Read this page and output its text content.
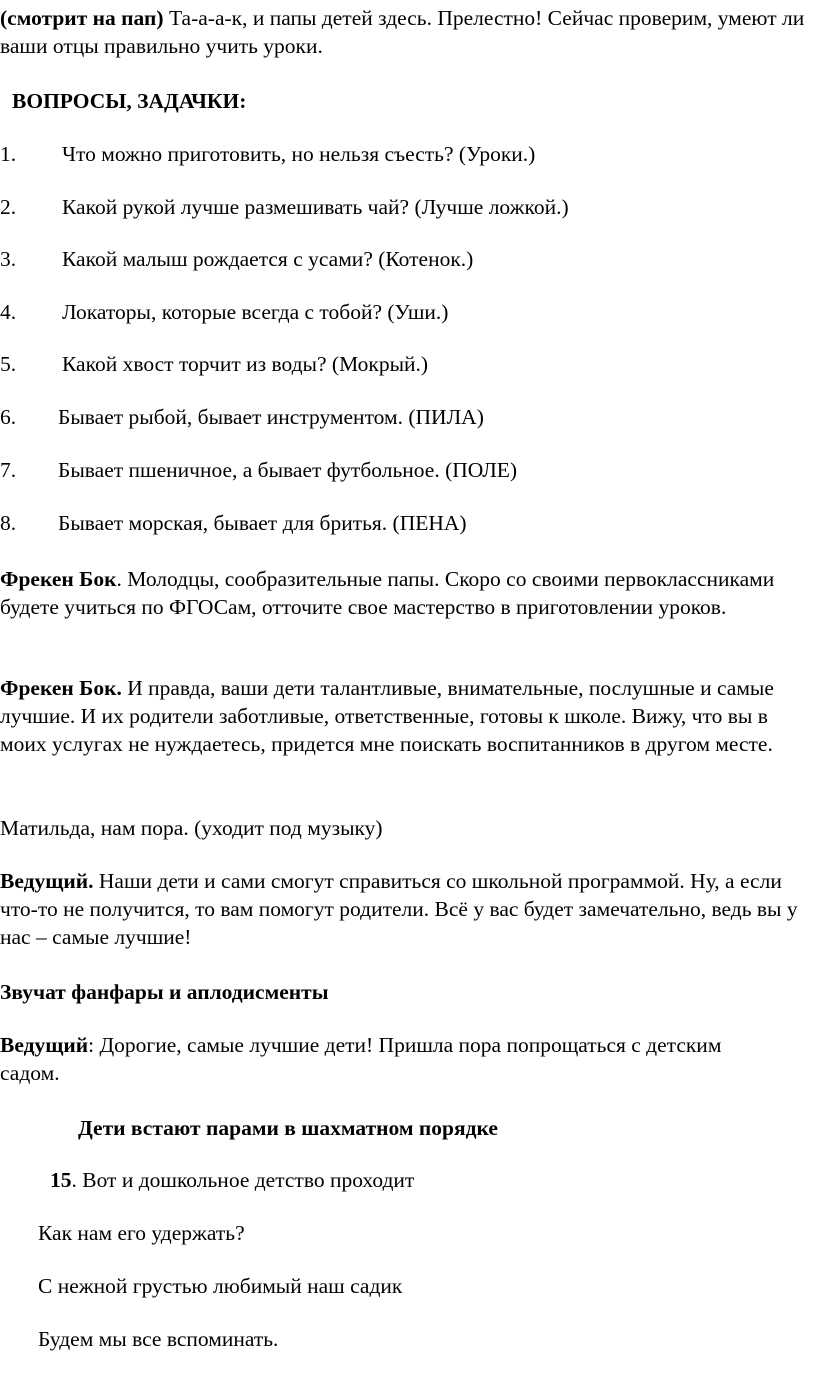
(смотрит на пап) Та-а-а-к, и папы детей здесь. Прелестно! Сейчас проверим, умеют ли ваши отцы правильно учить уроки.

ВОПРОСЫ, ЗАДАЧКИ:

1. Что можно приготовить, но нельзя съесть? (Уроки.)

2. Какой рукой лучше размешивать чай? (Лучше ложкой.)

3. Какой малыш рождается с усами? (Котенок.)

4. Локаторы, которые всегда с тобой? (Уши.)

5. Какой хвост торчит из воды? (Мокрый.)

6. Бывает рыбой, бывает инструментом. (ПИЛА)

7. Бывает пшеничное, а бывает футбольное. (ПОЛЕ)

8. Бывает морская, бывает для бритья. (ПЕНА)

Фрекен Бок. Молодцы, сообразительные папы. Скоро со своими первоклассниками будете учиться по ФГОСам, отточите свое мастерство в приготовлении уроков.

Фрекен Бок. И правда, ваши дети талантливые, внимательные, послушные и самые лучшие. И их родители заботливые, ответственные, готовы к школе. Вижу, что вы в моих услугах не нуждаетесь, придется мне поискать воспитанников в другом месте.

Матильда, нам пора. (уходит под музыку)

Ведущий. Наши дети и сами смогут справиться со школьной программой. Ну, а если что-то не получится, то вам помогут родители. Всё у вас будет замечательно, ведь вы у нас – самые лучшие!

Звучат фанфары и аплодисменты

Ведущий: Дорогие, самые лучшие дети! Пришла пора попрощаться с детским садом.

Дети встают парами в шахматном порядке

15. Вот и дошкольное детство проходит

Как нам его удержать?

С нежной грустью любимый наш садик

Будем мы все вспоминать.
